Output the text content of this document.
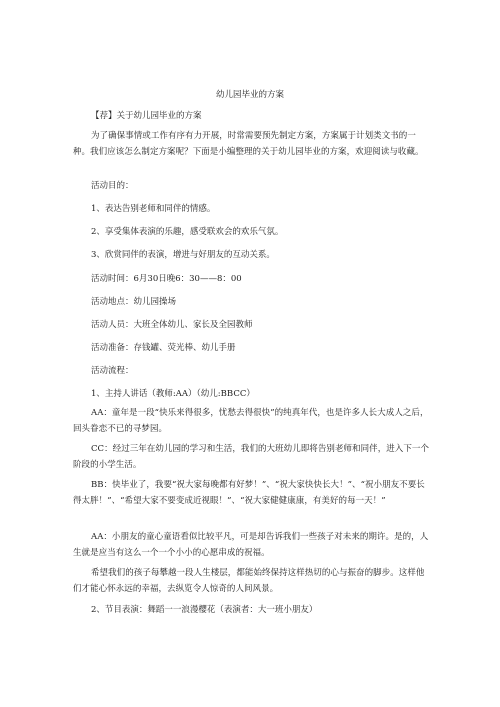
幼儿园毕业的方案
【荐】关于幼儿园毕业的方案
为了确保事情或工作有序有力开展，时常需要预先制定方案，方案属于计划类文书的一种。我们应该怎么制定方案呢？下面是小编整理的关于幼儿园毕业的方案，欢迎阅读与收藏。
活动目的：
1、表达告别老师和同伴的情感。
2、享受集体表演的乐趣，感受联欢会的欢乐气氛。
3、欣赏同伴的表演，增进与好朋友的互动关系。
活动时间：6月30日晚6：30——8：00
活动地点：幼儿园操场
活动人员：大班全体幼儿、家长及全园教师
活动准备：存钱罐、荧光棒、幼儿手册
活动流程：
1、主持人讲话（教师:AA）（幼儿:BBCC）
AA：童年是一段“快乐来得很多，忧愁去得很快”的纯真年代，也是许多人长大成人之后，回头眷恋不已的寻梦园。
CC：经过三年在幼儿园的学习和生活，我们的大班幼儿即将告别老师和同伴，进入下一个阶段的小学生活。
BB：快毕业了，我要“祝大家每晚都有好梦！”、“祝大家快快长大！”、“祝小朋友不要长得太胖！”、“希望大家不要变成近视眼！”、“祝大家健健康康，有美好的每一天！”
AA：小朋友的童心童语看似比较平凡，可是却告诉我们一些孩子对未来的期许。是的，人生就是应当有这么一个一个小小的心愿串成的祝福。
希望我们的孩子每攀越一段人生楼层，都能始终保持这样热切的心与振奋的脚步。这样他们才能心怀永远的幸福，去纵览令人惊奇的人间风景。
2、节目表演：舞蹈一一浪漫樱花（表演者：大一班小朋友）
